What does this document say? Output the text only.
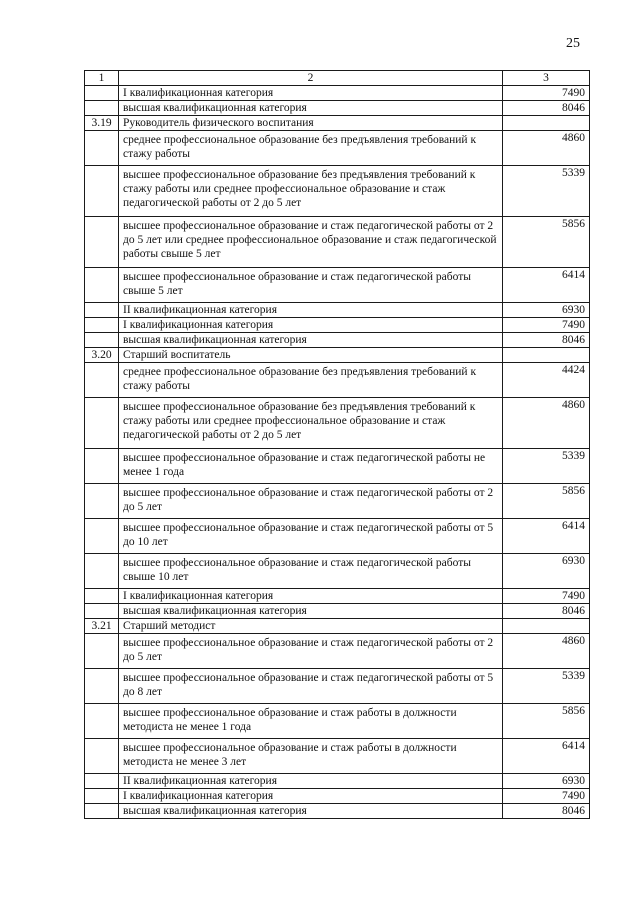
25
1	2	3
	I квалификационная категория	7490
	высшая квалификационная категория	8046
3.19	Руководитель физического воспитания	
	среднее профессиональное образование без предъявления требований к стажу работы	4860
	высшее профессиональное образование без предъявления требований к стажу работы или среднее профессиональное образование и стаж педагогической работы от 2 до 5 лет	5339
	высшее профессиональное образование и стаж педагогической работы от 2 до 5 лет или среднее профессиональное образование и стаж педагогической работы свыше 5 лет	5856
	высшее профессиональное образование и стаж педагогической работы свыше 5 лет	6414
	II квалификационная категория	6930
	I квалификационная категория	7490
	высшая квалификационная категория	8046
3.20	Старший воспитатель	
	среднее профессиональное образование без предъявления требований к стажу работы	4424
	высшее профессиональное образование без предъявления требований к стажу работы или среднее профессиональное образование и стаж педагогической работы от 2 до 5 лет	4860
	высшее профессиональное образование и стаж педагогической работы не менее 1 года	5339
	высшее профессиональное образование и стаж педагогической работы от 2 до 5 лет	5856
	высшее профессиональное образование и стаж педагогической работы от 5 до 10 лет	6414
	высшее профессиональное образование и стаж педагогической работы свыше 10 лет	6930
	I квалификационная категория	7490
	высшая квалификационная категория	8046
3.21	Старший методист	
	высшее профессиональное образование и стаж педагогической работы от 2 до 5 лет	4860
	высшее профессиональное образование и стаж педагогической работы от 5 до 8 лет	5339
	высшее профессиональное образование и стаж работы в должности методиста не менее 1 года	5856
	высшее профессиональное образование и стаж работы в должности методиста не менее 3 лет	6414
	II квалификационная категория	6930
	I квалификационная категория	7490
	высшая квалификационная категория	8046
